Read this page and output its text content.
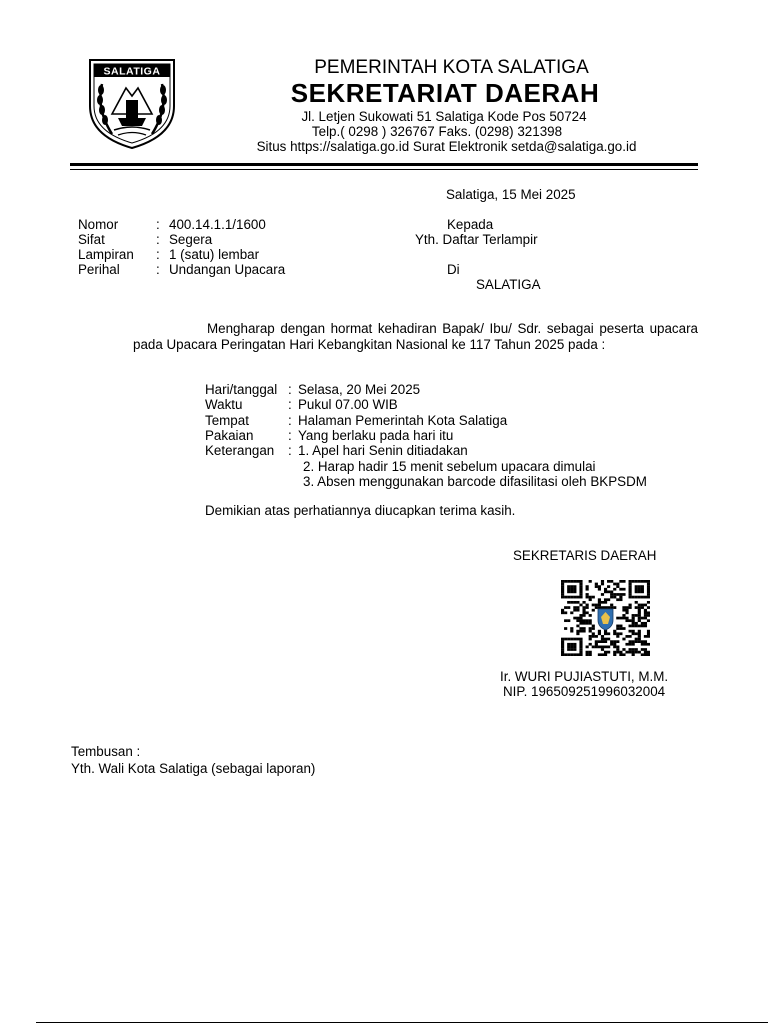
SALATIGA	PEMERINTAH KOTA SALATIGA
SEKRETARIAT DAERAH
Jl. Letjen Sukowati 51 Salatiga Kode Pos 50724
Telp.( 0298 ) 326767 Faks. (0298) 321398
Situs https://salatiga.go.id Surat Elektronik setda@salatiga.go.id
Salatiga, 15 Mei 2025
Nomor	: 400.14.1.1/1600
Sifat	: Segera
Lampiran : 1 (satu) lembar
Perihal	: Undangan Upacara
Kepada
Yth. Daftar Terlampir
Di
SALATIGA
Mengharap dengan hormat kehadiran Bapak/ Ibu/ Sdr. sebagai peserta upacara pada Upacara Peringatan Hari Kebangkitan Nasional ke 117 Tahun 2025 pada :
Hari/tanggal : Selasa, 20 Mei 2025
Waktu	: Pukul 07.00 WIB
Tempat	: Halaman Pemerintah Kota Salatiga
Pakaian	: Yang berlaku pada hari itu
Keterangan : 1. Apel hari Senin ditiadakan
2. Harap hadir 15 menit sebelum upacara dimulai
3. Absen menggunakan barcode difasilitasi oleh BKPSDM
Demikian atas perhatiannya diucapkan terima kasih.
SEKRETARIS DAERAH
Ir. WURI PUJIASTUTI, M.M.
NIP. 196509251996032004
Tembusan :
Yth. Wali Kota Salatiga (sebagai laporan)
